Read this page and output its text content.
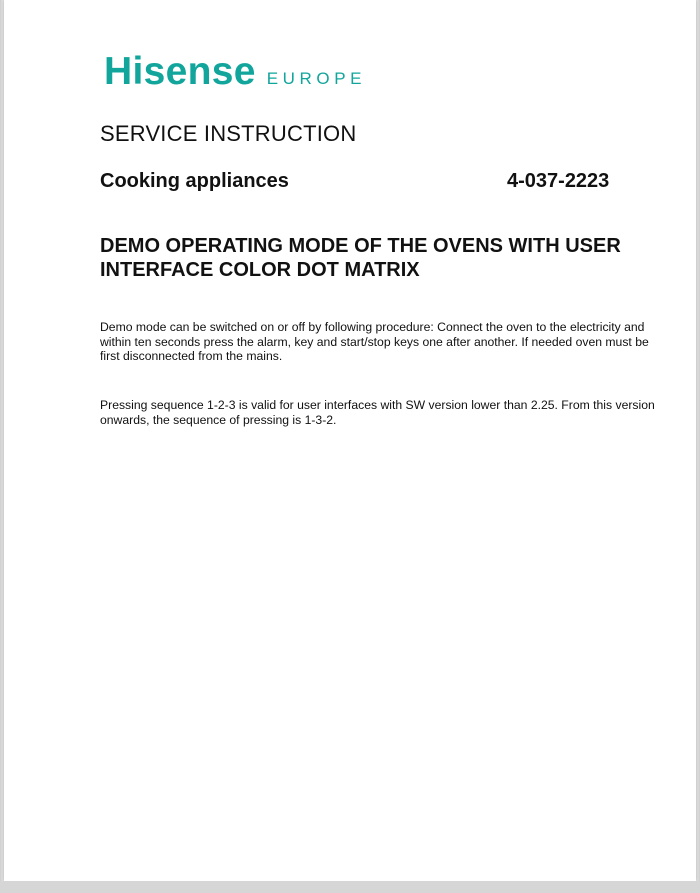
Hisense EUROPE
SERVICE INSTRUCTION
Cooking appliances	4-037-2223
DEMO OPERATING MODE OF THE OVENS WITH USER INTERFACE COLOR DOT MATRIX

Demo mode can be switched on or off by following procedure: Connect the oven to the electricity and within ten seconds press the alarm, key and start/stop keys one after another. If needed oven must be first disconnected from the mains.

Pressing sequence 1-2-3 is valid for user interfaces with SW version lower than 2.25. From this version onwards, the sequence of pressing is 1-3-2.
